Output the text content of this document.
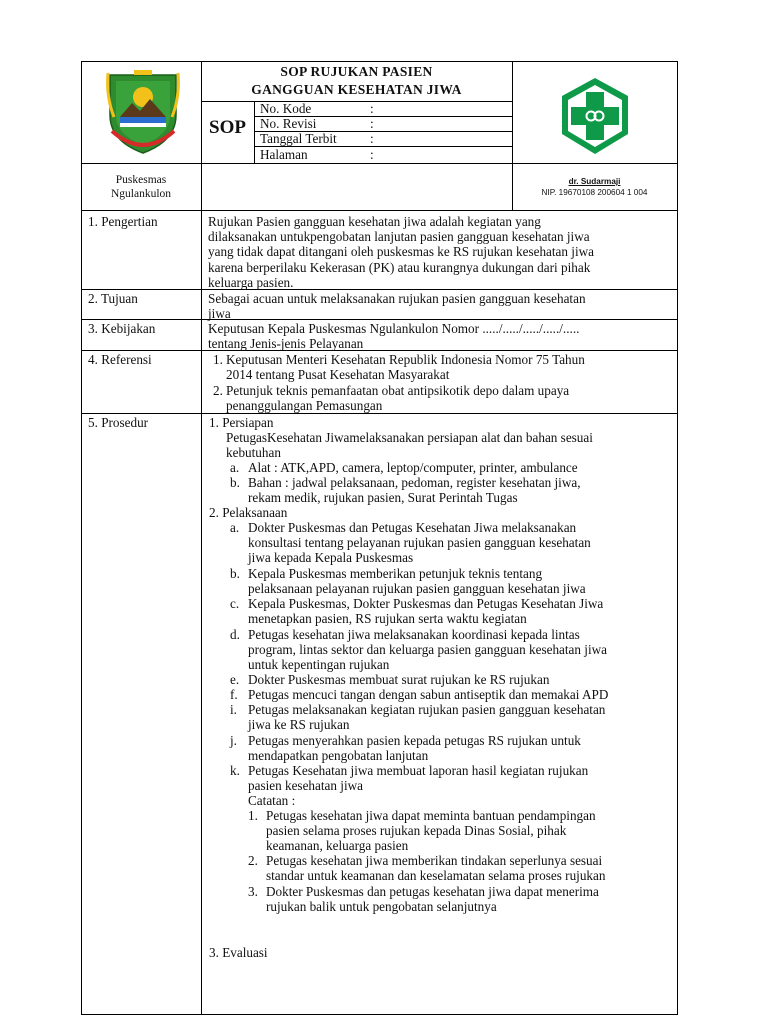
SOP RUJUKAN PASIEN
GANGGUAN KESEHATAN JIWA
SOP
No. Kode	:
No. Revisi	:
Tanggal Terbit	:
Halaman	:
Puskesmas
Ngulankulon
dr. Sudarmaji
NIP. 19670108 200604 1 004
1. Pengertian	Rujukan Pasien gangguan kesehatan jiwa adalah kegiatan yang
dilaksanakan untukpengobatan lanjutan pasien gangguan kesehatan jiwa
yang tidak dapat ditangani oleh puskesmas ke RS rujukan kesehatan jiwa
karena berperilaku Kekerasan (PK) atau kurangnya dukungan dari pihak
keluarga pasien.
2. Tujuan	Sebagai acuan untuk melaksanakan rujukan pasien gangguan kesehatan
jiwa
3. Kebijakan	Keputusan Kepala Puskesmas Ngulankulon Nomor ...../...../...../...../.....
tentang Jenis-jenis Pelayanan
4. Referensi	1. Keputusan Menteri Kesehatan Republik Indonesia Nomor 75 Tahun
2014 tentang Pusat Kesehatan Masyarakat
2. Petunjuk teknis pemanfaatan obat antipsikotik depo dalam upaya
penanggulangan Pemasungan
5. Prosedur	1. Persiapan
PetugasKesehatan Jiwamelaksanakan persiapan alat dan bahan sesuai
kebutuhan
a. Alat : ATK,APD, camera, leptop/computer, printer, ambulance
b. Bahan : jadwal pelaksanaan, pedoman, register kesehatan jiwa,
rekam medik, rujukan pasien, Surat Perintah Tugas
2. Pelaksanaan
a. Dokter Puskesmas dan Petugas Kesehatan Jiwa melaksanakan
konsultasi tentang pelayanan rujukan pasien gangguan kesehatan
jiwa kepada Kepala Puskesmas
b. Kepala Puskesmas memberikan petunjuk teknis tentang
pelaksanaan pelayanan rujukan pasien gangguan kesehatan jiwa
c. Kepala Puskesmas, Dokter Puskesmas dan Petugas Kesehatan Jiwa
menetapkan pasien, RS rujukan serta waktu kegiatan
d. Petugas kesehatan jiwa melaksanakan koordinasi kepada lintas
program, lintas sektor dan keluarga pasien gangguan kesehatan jiwa
untuk kepentingan rujukan
e. Dokter Puskesmas membuat surat rujukan ke RS rujukan
f. Petugas mencuci tangan dengan sabun antiseptik dan memakai APD
i. Petugas melaksanakan kegiatan rujukan pasien gangguan kesehatan
jiwa ke RS rujukan
j. Petugas menyerahkan pasien kepada petugas RS rujukan untuk
mendapatkan pengobatan lanjutan
k. Petugas Kesehatan jiwa membuat laporan hasil kegiatan rujukan
pasien kesehatan jiwa
Catatan :
1. Petugas kesehatan jiwa dapat meminta bantuan pendampingan
pasien selama proses rujukan kepada Dinas Sosial, pihak
keamanan, keluarga pasien
2. Petugas kesehatan jiwa memberikan tindakan seperlunya sesuai
standar untuk keamanan dan keselamatan selama proses rujukan
3. Dokter Puskesmas dan petugas kesehatan jiwa dapat menerima
rujukan balik untuk pengobatan selanjutnya
3. Evaluasi
